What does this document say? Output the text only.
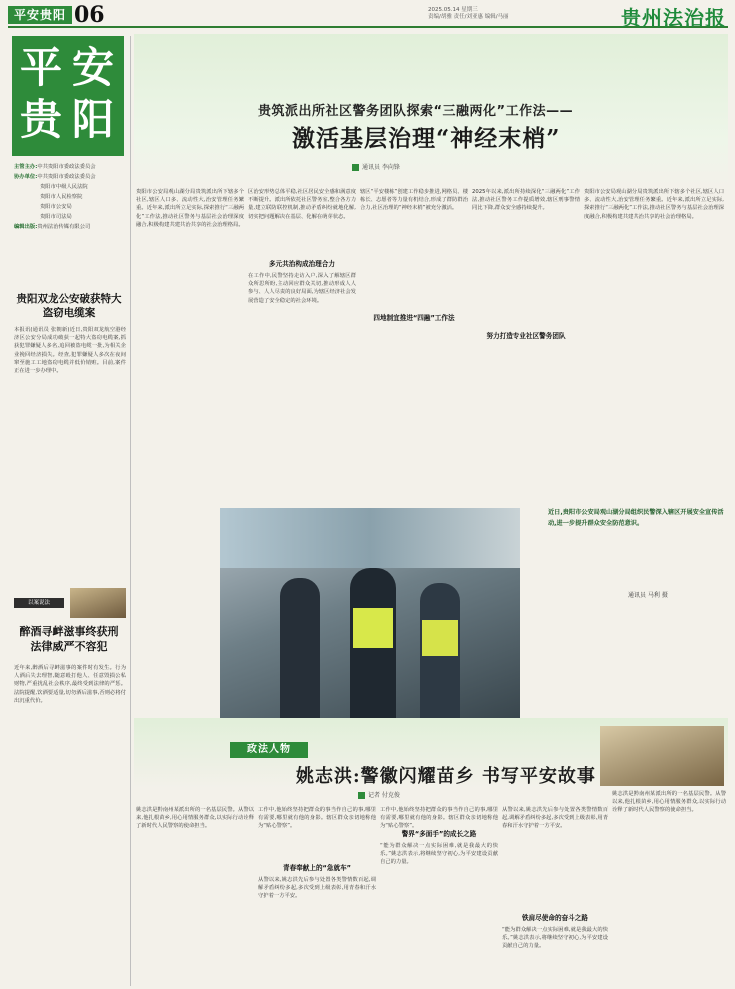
平安贵阳 06	2025.05.14 星期三
责编/胡雅 责任/刘亚惠 编辑/马丽	贵州法治报
平 安
贵 阳
主管主办:中共贵阳市委政法委员会
协办单位:中共贵阳市委政法委员会
贵阳市中级人民法院
贵阳市人民检察院
贵阳市公安局
贵阳市司法局
编辑出版:贵州法治传媒有限公司
贵阳双龙公安破获特大盗窃电缆案
本报讯(通讯员 张朝新)近日,贵阳双龙航空港经济区公安分局成功破获一起特大盗窃电缆案,抓获犯罪嫌疑人多名,追回被盗电缆一批,为相关企业挽回经济损失。经查,犯罪嫌疑人多次在夜间窜至施工工地盗窃电缆并低价销赃。目前,案件正在进一步办理中。
以案说法
醉酒寻衅滋事终获刑 法律威严不容犯
近年来,醉酒后寻衅滋事的案件时有发生。行为人酒后失去理智,随意殴打他人、任意毁损公私财物,严重扰乱社会秩序,最终受到法律的严惩。法院提醒,饮酒要适量,切勿酒后滋事,否则必将付出沉重代价。
贵筑派出所社区警务团队探索“三融两化”工作法——
激活基层治理“神经末梢”
通讯员 李向锋
贵阳市公安局观山湖分局贵筑派出所下辖多个社区,辖区人口多、流动性大,治安管理任务繁重。近年来,派出所立足实际,探索推行“三融两化”工作法,推动社区警务与基层社会治理深度融合,积极构建共建共治共享的社会治理格局。
多元共治构成治理合力
区治安形势总体平稳,社区居民安全感和满意度不断提升。派出所依托社区警务室,整合各方力量,建立联防联控机制,推动矛盾纠纷就地化解,切实把问题解决在基层、化解在萌芽状态。
在工作中,民警坚持走访入户,深入了解辖区群众所思所盼,主动回应群众关切,推动形成人人参与、人人尽责的良好局面,为辖区经济社会发展营造了安全稳定的社会环境。
四地制宜推进“四融”工作法
辖区“平安楼栋”创建工作稳步推进,网格员、楼栋长、志愿者等力量有机结合,形成了群防群治合力,社区治理的“神经末梢”被充分激活。
努力打造专业社区警务团队
2025年以来,派出所持续深化“三融两化”工作法,推动社区警务工作提质增效,辖区刑事警情同比下降,群众安全感持续提升。
贵阳市公安局观山湖分局贵筑派出所下辖多个社区,辖区人口多、流动性大,治安管理任务繁重。近年来,派出所立足实际,探索推行“三融两化”工作法,推动社区警务与基层社会治理深度融合,积极构建共建共治共享的社会治理格局。
近日,贵阳市公安局观山湖分局组织民警深入辖区开展安全宣传活动,进一步提升群众安全防范意识。
通讯员 马利 摄
政法人物
姚志洪:警徽闪耀苗乡 书写平安故事
记者 付克俊
姚志洪是黔南州某派出所的一名基层民警。从警以来,他扎根苗乡,用心用情服务群众,以实际行动诠释了新时代人民警察的使命担当。
青春奉献上的“急就车”
工作中,他始终坚持把群众的事当作自己的事,哪里有需要,哪里就有他的身影。辖区群众亲切地称他为“贴心警察”。
从警以来,姚志洪先后参与处置各类警情数百起,调解矛盾纠纷多起,多次受到上级表彰,用青春和汗水守护着一方平安。
警界“多面手”的成长之路
工作中,他始终坚持把群众的事当作自己的事,哪里有需要,哪里就有他的身影。辖区群众亲切地称他为“贴心警察”。
“能为群众解决一点实际困难,就是我最大的快乐。”姚志洪表示,将继续坚守初心,为平安建设贡献自己的力量。
铁肩尽使命的奋斗之路
从警以来,姚志洪先后参与处置各类警情数百起,调解矛盾纠纷多起,多次受到上级表彰,用青春和汗水守护着一方平安。
“能为群众解决一点实际困难,就是我最大的快乐。”姚志洪表示,将继续坚守初心,为平安建设贡献自己的力量。
姚志洪是黔南州某派出所的一名基层民警。从警以来,他扎根苗乡,用心用情服务群众,以实际行动诠释了新时代人民警察的使命担当。
